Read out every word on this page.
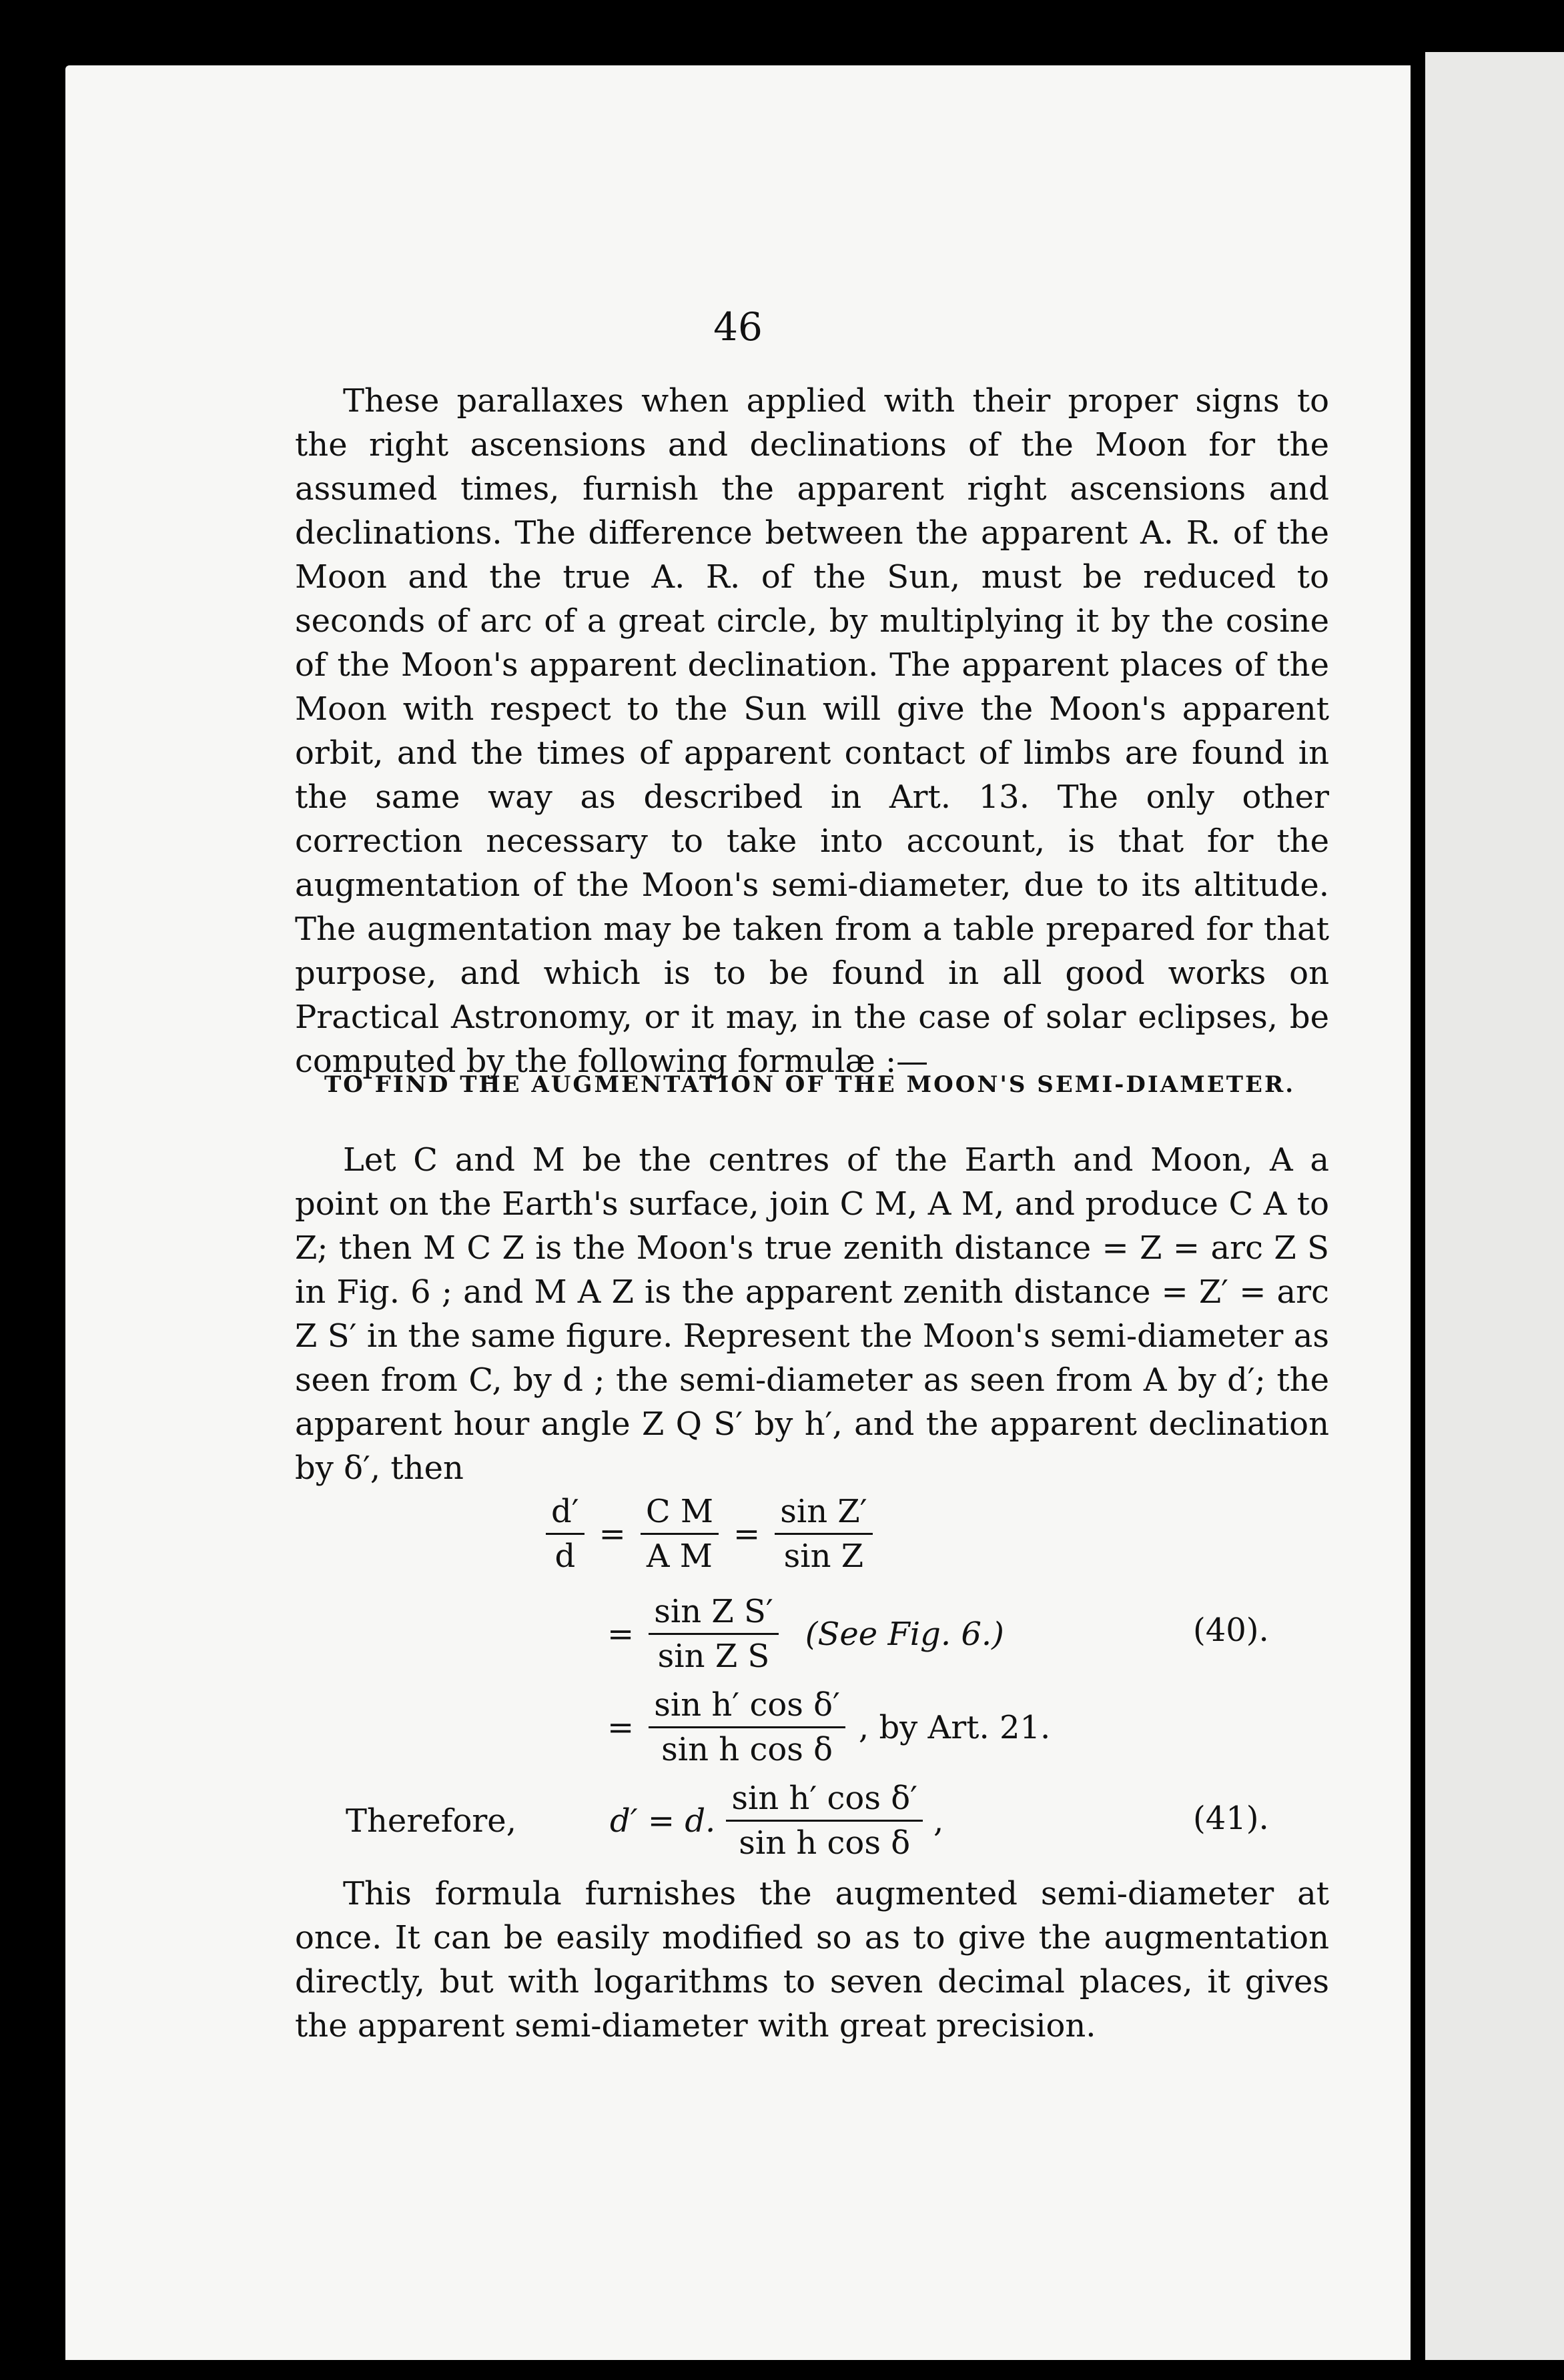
46

These parallaxes when applied with their proper signs to the right ascensions and declinations of the Moon for the assumed times, furnish the apparent right ascensions and declinations. The difference between the apparent A. R. of the Moon and the true A. R. of the Sun, must be reduced to seconds of arc of a great circle, by multiplying it by the cosine of the Moon's apparent declination. The apparent places of the Moon with respect to the Sun will give the Moon's apparent orbit, and the times of apparent contact of limbs are found in the same way as described in Art. 13. The only other correction necessary to take into account, is that for the augmentation of the Moon's semi-diameter, due to its altitude. The augmentation may be taken from a table prepared for that purpose, and which is to be found in all good works on Practical Astronomy, or it may, in the case of solar eclipses, be computed by the following formulæ :—

TO FIND THE AUGMENTATION OF THE MOON'S SEMI-DIAMETER.

Let C and M be the centres of the Earth and Moon, A a point on the Earth's surface, join C M, A M, and produce C A to Z; then M C Z is the Moon's true zenith distance = Z = arc Z S in Fig. 6 ; and M A Z is the apparent zenith distance = Z′ = arc Z S′ in the same figure. Represent the Moon's semi-diameter as seen from C, by d ; the semi-diameter as seen from A by d′; the apparent hour angle Z Q S′ by h′, and the apparent declination by δ′, then

$\frac{d'}{d} = \frac{\text{C M}}{\text{A M}} = \frac{\text{sin Z′}}{\text{sin Z}}$
= $\frac{\text{sin Z S′}}{\text{sin Z S}} (See$ Fig. 6.)	(40).
= $\frac{\text{sin h′ cos δ′}}{\text{sin h cos δ}}$ , by Art. 21.
Therefore,	d′ = d. $\frac{\text{sin h′ cos δ′}}{\text{sin h cos δ}}$ ,	(41).

This formula furnishes the augmented semi-diameter at once. It can be easily modified so as to give the augmentation directly, but with logarithms to seven decimal places, it gives the apparent semi-diameter with great precision.
